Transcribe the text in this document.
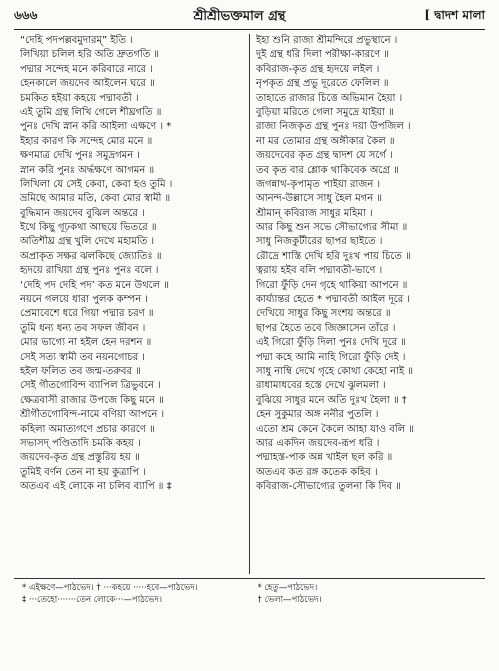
৬৬৬	শ্রীশ্রীভক্তমাল গ্রন্থ	[ দ্বাদশ মালা
“দেহি পদপল্লবমুদারম্” ইতি ।
লিখিয়া চলিল হরি অতি দ্রুতগতি ॥
পদ্মার সন্দেহ মনে করিবারে নারে ।
হেনকালে জয়দেব আইলেন ঘরে ॥
চমকিত হইয়া কহয়ে পদ্মাবতী ।
এই তুমি গ্রন্থ লিখি গেলে শীঘ্রগতি ॥
পুনঃ দেখি স্নান করি আইলা এক্ষণে । *
ইহার কারণ কি সন্দেহ মোর মনে ॥
ক্ষণমাত্র দেখি পুনঃ সমুদ্রগমন ।
স্নান করি পুনঃ অর্দ্ধক্ষণে আগমন ॥
লিখিলা যে সেই কেবা, কেবা হও তুমি ।
ভ্রমিছে আমার মতি, কেবা মোর স্বামী ॥
বুদ্ধিমান জয়দেব বুঝিল অন্তরে ।
ইথে কিছু গূঢ়কথা আছয়ে ভিতরে ॥
অতিশীঘ্র গ্রন্থ খুলি দেখে মহামতি ।
অপ্রাকৃত সক্ষর ঝলকিছে জ্যোতিঃ ॥
হৃদয়ে রাখিয়া গ্রন্থ পুনঃ পুনঃ বলে ।
‘দেহি পদ দেহি পদ’ কত মনে উথলে ॥
নয়নে গলয়ে ধারা পুলক কম্পন ।
প্রেমাবেশে ধরে গিয়া পদ্মার চরণ ॥
তুমি ধন্য ধন্য তব সফল জীবন ।
মোর ভাগ্যে না হইল হেন দরশন ॥
সেই সত্য স্বামী তব নয়নগোচর ।
হইল ফলিত তব জন্ম-তরুবর ॥
সেই গীতগোবিন্দ ব্যাপিল ত্রিভুবনে ।
ক্ষেত্রবাসী রাজার উপজে কিছু মনে ॥
শ্রীগীতগোবিন্দ-নামে বণিয়া আপনে ।
কহিলা অমাত্যগণে প্রচার কারণে ॥
সভাসদ্‌ পণ্ডিতাদি চমকি কহয় ।
জয়দেব-কৃত গ্রন্থ প্রস্তুরিয় হয় ॥
তুমিই বর্ণন তেন না হয় কুত্রাপি ।
অতএব এই লোকে না চলিব ব্যাপি ॥ ‡
ইহা শুনি রাজা শ্রীমন্দিরে প্রভুস্থানে ।
দুই গ্রন্থ ধরি দিলা পরীক্ষা-কারণে ॥
কবিরাজ-কৃত গ্রন্থ হৃদয়ে লইল ।
নৃপকৃত গ্রন্থ প্রভু দূরেতে ফেলিল ॥
তাহাতে রাজার চিত্তে অভিমান হৈয়া ।
বুড়িয়া মরিতে গেলা সমুদ্রে যাইয়া ॥
রাজা নিজকৃত গ্রন্থ পুনঃ দয়া উপজিল ।
না মর তোমার গ্রন্থ অঙ্গীকার কৈল ॥
জয়দেবের কৃত গ্রন্থ দ্বাদশ যে সর্গে ।
তব কৃত বার শ্লোক থাকিবেক অগ্রে ॥
জগন্নাথ-কৃপামৃত পাইয়া রাজন ।
আনন্দ-উল্লাসে সাধু হৈল মগন ॥
শ্রীমান্‌ কবিরাজ সাধুর মহিমা ।
আর কিছু শুন সভে সৌভাগ্যের সীমা ॥
সাধু নিজকুটীরের ছাপর ছাইতে ।
রৌদ্রে শাস্তি দেখি হরি দুঃখ পায় চিতে ॥
ত্বরায় হইব বলি পদ্মাবতী-ভাণে ।
গিরো ফুঁড়ি দেন গৃহে থাকিয়া আপনে ॥
কার্য্যান্তর হেতে * পদ্মাবতী আইল দূরে ।
দেখিয়ে সাধুর কিছু সংশয় অন্তরে ॥
ছাপর হৈতে তবে জিজ্ঞাসেন তাঁরে ।
এই গিরো ফুঁড়ি দিলা পুনঃ দেখি দূরে ॥
পদ্মা কহে আমি নাহি গিরো ফুঁড়ি দেই ।
সাধু নাম্বি দেখে গৃহে কোথা কেহো নাই ॥
রাধামাধবের হস্তে দেখে ঝুলমলা ।
বুঝিয়ে সাধুর মনে অতি দুঃখ হৈলা ॥ †
হেন সুকুমার অঙ্গ ননীর পুতলি ।
এতো শ্রম কেনে কৈলে আহা যাও বলি ॥
আর একদিন জয়দেব-রূপ ধরি ।
পদ্মাহস্ত-পাক অন্ন খাইল ছল করি ॥
অতএব কত রঙ্গ কতেক কহিব ।
কবিরাজ-সৌভাগ্যের তুলনা কি দিব ॥
* এইক্ষণে—পাঠভেদ। † ···কহয়ে ·····হবে—পাঠভেদ।
‡ ···তেহো·······তেন লোকে···—পাঠভেদ।
* হেতু—পাঠভেদ।
† ভেলা—পাঠভেদ।
